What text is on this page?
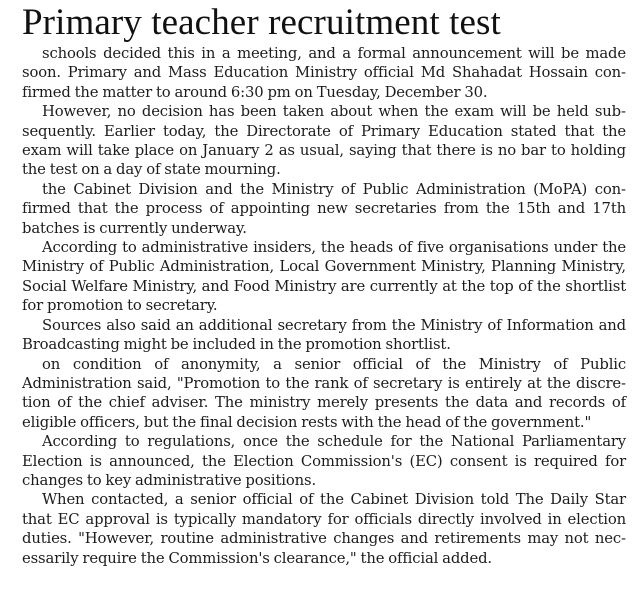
Primary teacher recruitment test

schools decided this in a meeting, and a formal announcement will be made soon. Primary and Mass Education Ministry official Md Shahadat Hossain confirmed the matter to around 6:30 pm on Tuesday, December 30.

However, no decision has been taken about when the exam will be held subsequently. Earlier today, the Directorate of Primary Education stated that the exam will take place on January 2 as usual, saying that there is no bar to holding the test on a day of state mourning.

the Cabinet Division and the Ministry of Public Administration (MoPA) confirmed that the process of appointing new secretaries from the 15th and 17th batches is currently underway.

According to administrative insiders, the heads of five organisations under the Ministry of Public Administration, Local Government Ministry, Planning Ministry, Social Welfare Ministry, and Food Ministry are currently at the top of the shortlist for promotion to secretary.

Sources also said an additional secretary from the Ministry of Information and Broadcasting might be included in the promotion shortlist.

on condition of anonymity, a senior official of the Ministry of Public Administration said, "Promotion to the rank of secretary is entirely at the discretion of the chief adviser. The ministry merely presents the data and records of eligible officers, but the final decision rests with the head of the government."

According to regulations, once the schedule for the National Parliamentary Election is announced, the Election Commission's (EC) consent is required for changes to key administrative positions.

When contacted, a senior official of the Cabinet Division told The Daily Star that EC approval is typically mandatory for officials directly involved in election duties. "However, routine administrative changes and retirements may not necessarily require the Commission's clearance," the official added.
